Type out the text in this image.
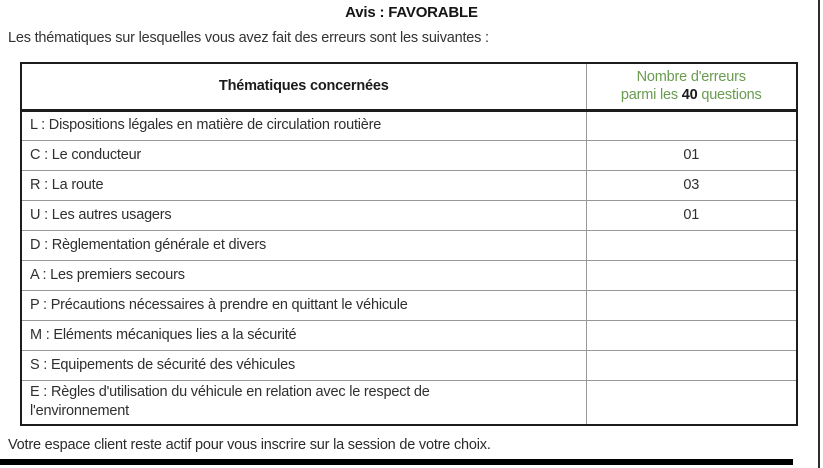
Avis : FAVORABLE
Les thématiques sur lesquelles vous avez fait des erreurs sont les suivantes :
Thématiques concernées	Nombre d'erreurs
parmi les 40 questions
L : Dispositions légales en matière de circulation routière	
C : Le conducteur	01
R : La route	03
U : Les autres usagers	01
D : Règlementation générale et divers	
A : Les premiers secours	
P : Précautions nécessaires à prendre en quittant le véhicule	
M : Eléments mécaniques lies a la sécurité	
S : Equipements de sécurité des véhicules	
E : Règles d'utilisation du véhicule en relation avec le respect de l'environnement	
Votre espace client reste actif pour vous inscrire sur la session de votre choix.
